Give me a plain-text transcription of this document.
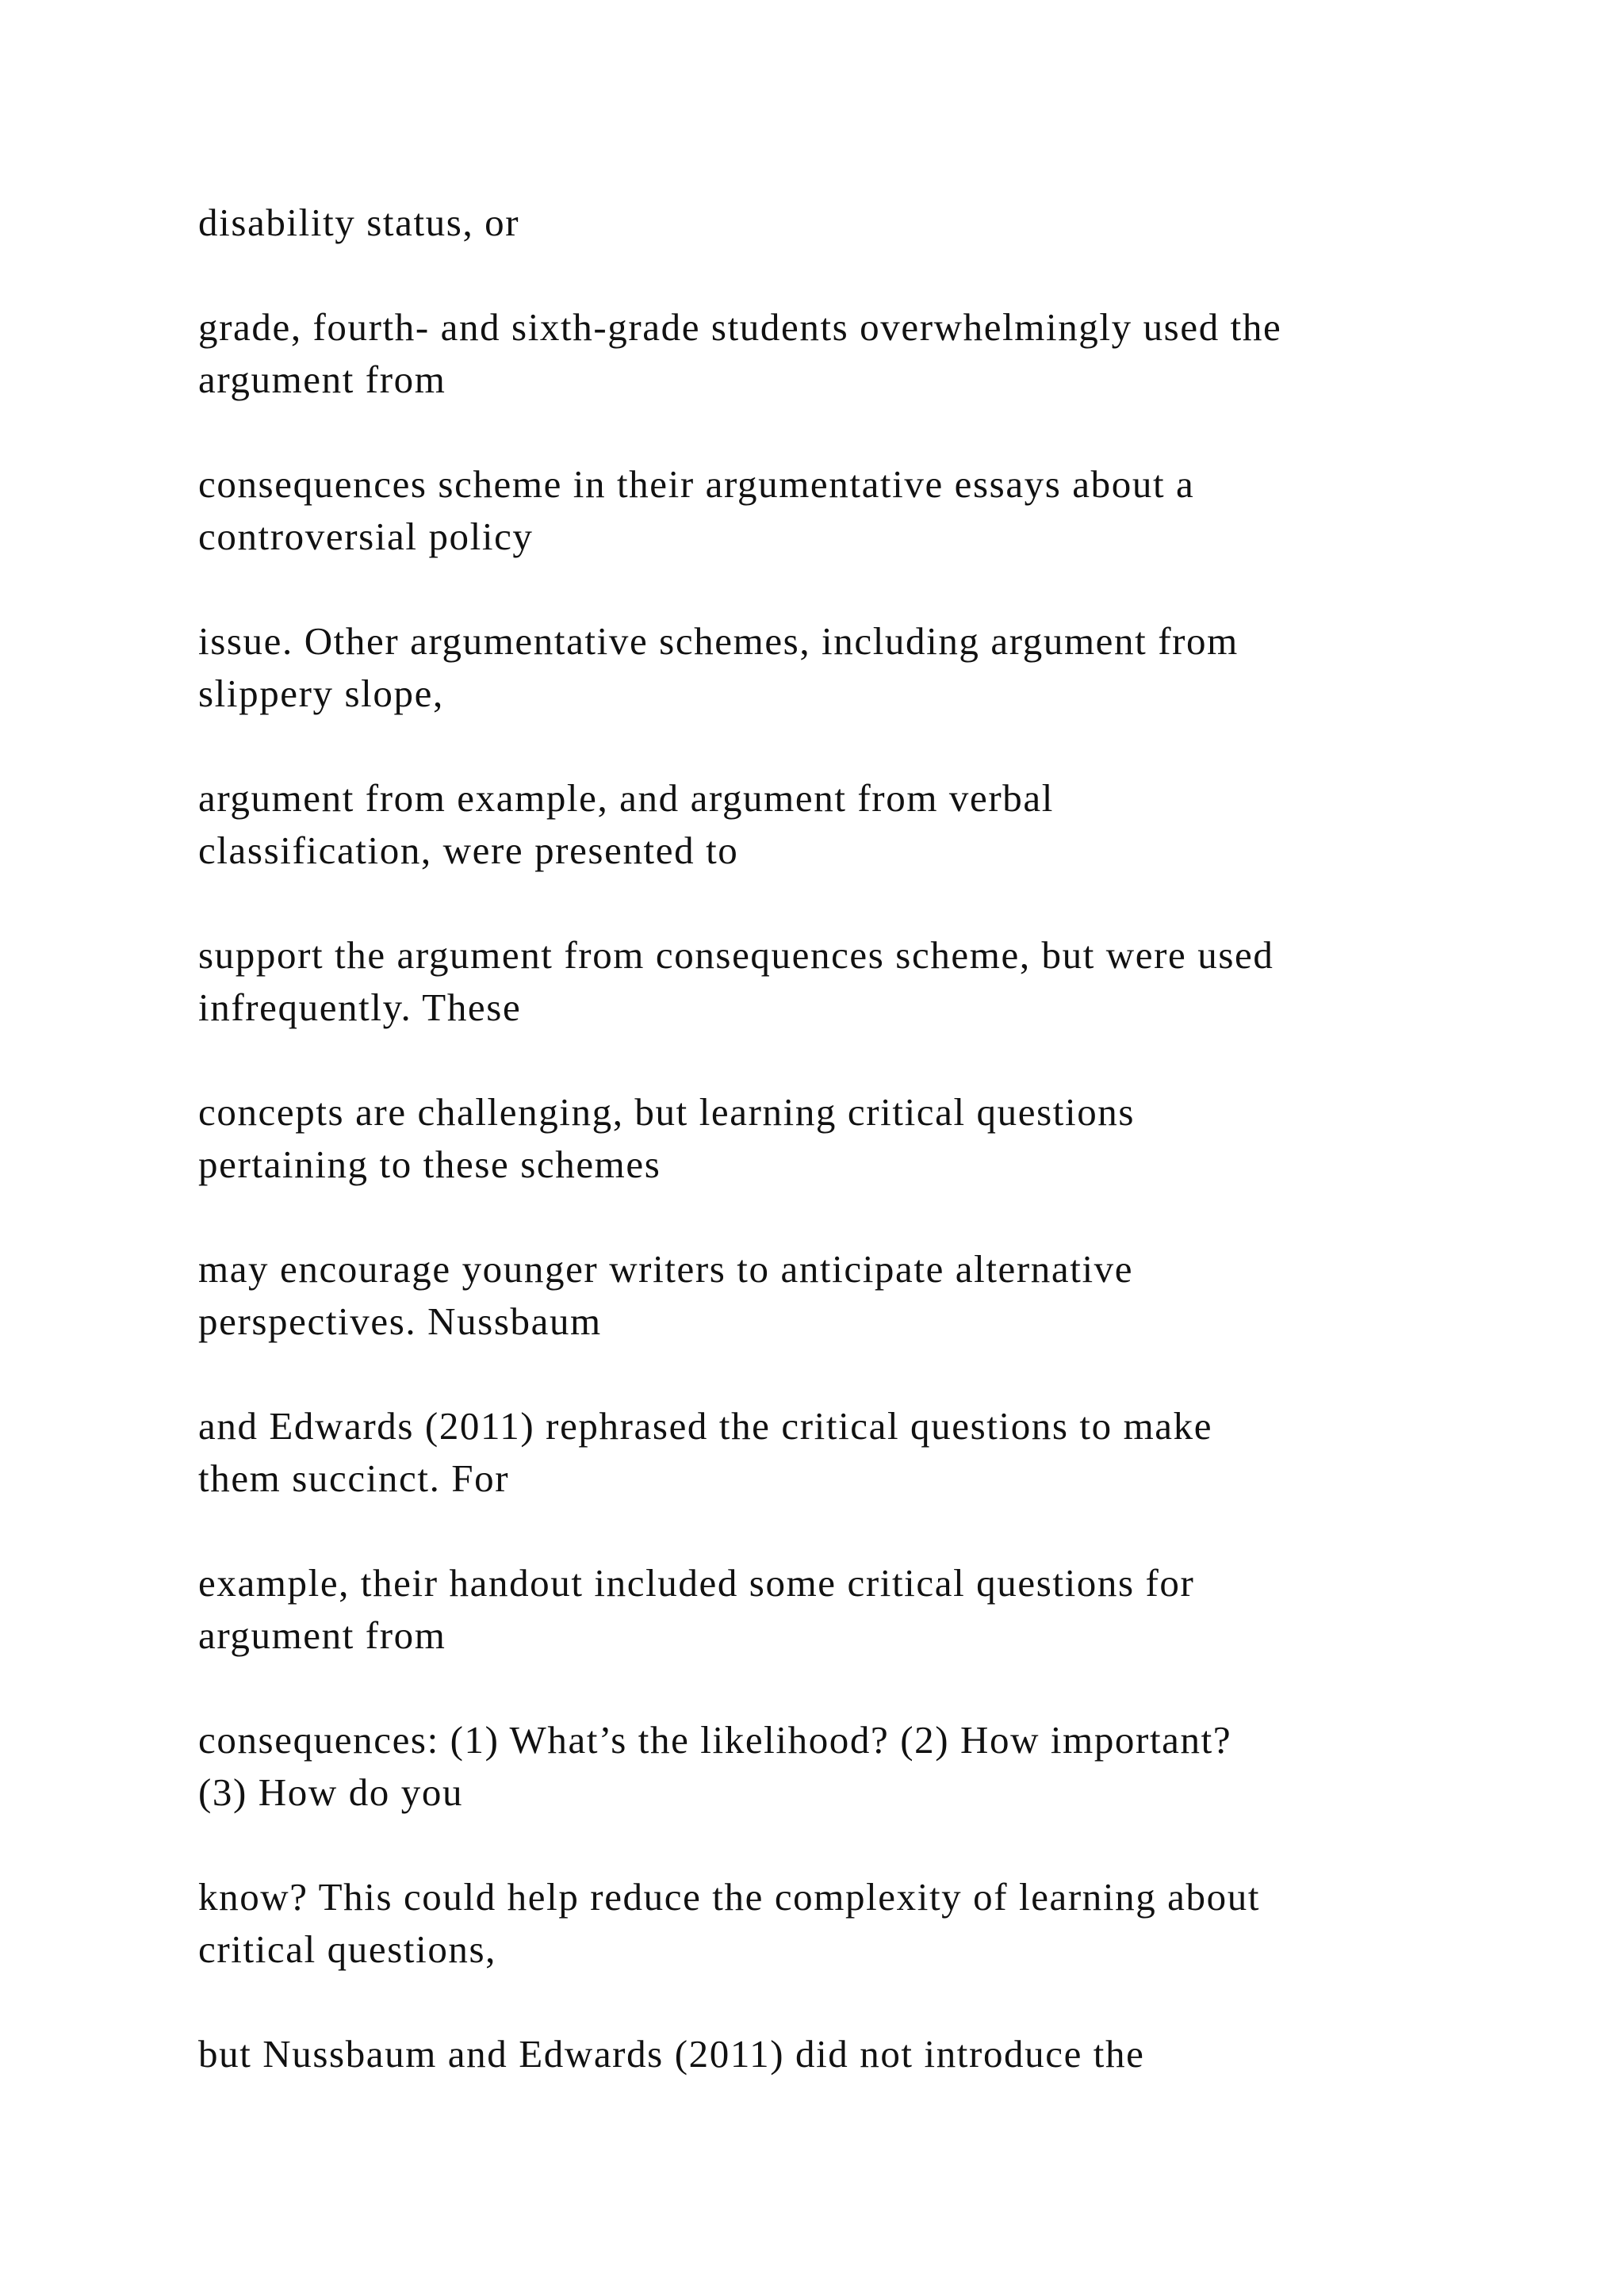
disability status, or

grade, fourth- and sixth-grade students overwhelmingly used the
argument from

consequences scheme in their argumentative essays about a
controversial policy

issue. Other argumentative schemes, including argument from
slippery slope,

argument from example, and argument from verbal
classification, were presented to

support the argument from consequences scheme, but were used
infrequently. These

concepts are challenging, but learning critical questions
pertaining to these schemes

may encourage younger writers to anticipate alternative
perspectives. Nussbaum

and Edwards (2011) rephrased the critical questions to make
them succinct. For

example, their handout included some critical questions for
argument from

consequences: (1) What’s the likelihood? (2) How important?
(3) How do you

know? This could help reduce the complexity of learning about
critical questions,

but Nussbaum and Edwards (2011) did not introduce the
